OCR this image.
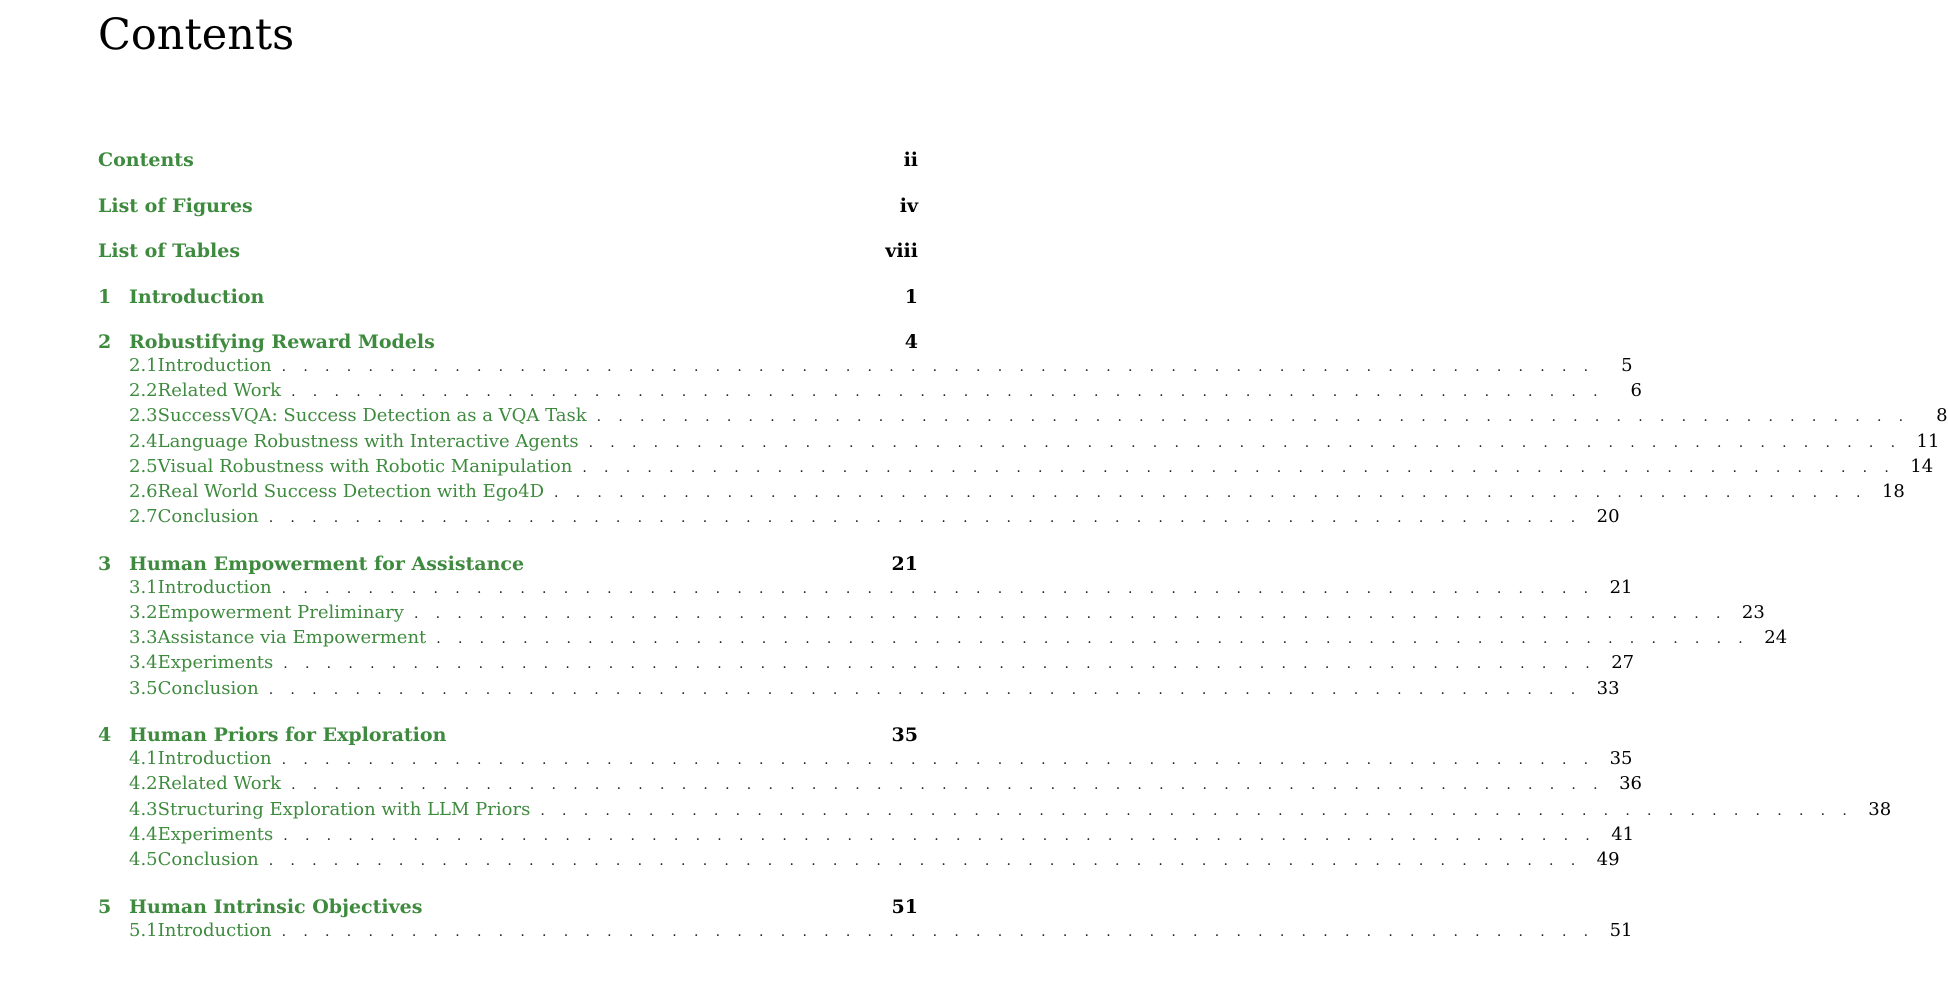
Contents
Contents	ii
List of Figures	iv
List of Tables	viii
1 Introduction	1
2 Robustifying Reward Models	4
2.1 Introduction . . . . . . . . . . . . . . . . . . . . . . . . . . . . . . . . . . . . . . . . . . . . . . . . . . . . . . . . . . . . .	5
2.2 Related Work . . . . . . . . . . . . . . . . . . . . . . . . . . . . . . . . . . . . . . . . . . . . . . . . . . . . . . . . . . . . .	6
2.3 SuccessVQA: Success Detection as a VQA Task . . . . . . . . . . . . . . . . . . . . . . . . . . . . . . . . . . . . . . . . . . . . . . . . . . . . . . . . . . . . .	8
2.4 Language Robustness with Interactive Agents . . . . . . . . . . . . . . . . . . . . . . . . . . . . . . . . . . . . . . . . . . . . . . . . . . . . . . . . . . . . . 11
2.5 Visual Robustness with Robotic Manipulation . . . . . . . . . . . . . . . . . . . . . . . . . . . . . . . . . . . . . . . . . . . . . . . . . . . . . . . . . . . . . 14
2.6 Real World Success Detection with Ego4D . . . . . . . . . . . . . . . . . . . . . . . . . . . . . . . . . . . . . . . . . . . . . . . . . . . . . . . . . . . . . 18
2.7 Conclusion . . . . . . . . . . . . . . . . . . . . . . . . . . . . . . . . . . . . . . . . . . . . . . . . . . . . . . . . . . . . . 20
3 Human Empowerment for Assistance	21
3.1 Introduction . . . . . . . . . . . . . . . . . . . . . . . . . . . . . . . . . . . . . . . . . . . . . . . . . . . . . . . . . . . . . 21
3.2 Empowerment Preliminary . . . . . . . . . . . . . . . . . . . . . . . . . . . . . . . . . . . . . . . . . . . . . . . . . . . . . . . . . . . . . 23
3.3 Assistance via Empowerment . . . . . . . . . . . . . . . . . . . . . . . . . . . . . . . . . . . . . . . . . . . . . . . . . . . . . . . . . . . . . 24
3.4 Experiments . . . . . . . . . . . . . . . . . . . . . . . . . . . . . . . . . . . . . . . . . . . . . . . . . . . . . . . . . . . . . 27
3.5 Conclusion . . . . . . . . . . . . . . . . . . . . . . . . . . . . . . . . . . . . . . . . . . . . . . . . . . . . . . . . . . . . . 33
4 Human Priors for Exploration	35
4.1 Introduction . . . . . . . . . . . . . . . . . . . . . . . . . . . . . . . . . . . . . . . . . . . . . . . . . . . . . . . . . . . . . 35
4.2 Related Work . . . . . . . . . . . . . . . . . . . . . . . . . . . . . . . . . . . . . . . . . . . . . . . . . . . . . . . . . . . . . 36
4.3 Structuring Exploration with LLM Priors . . . . . . . . . . . . . . . . . . . . . . . . . . . . . . . . . . . . . . . . . . . . . . . . . . . . . . . . . . . . . 38
4.4 Experiments . . . . . . . . . . . . . . . . . . . . . . . . . . . . . . . . . . . . . . . . . . . . . . . . . . . . . . . . . . . . . 41
4.5 Conclusion . . . . . . . . . . . . . . . . . . . . . . . . . . . . . . . . . . . . . . . . . . . . . . . . . . . . . . . . . . . . . 49
5 Human Intrinsic Objectives	51
5.1 Introduction . . . . . . . . . . . . . . . . . . . . . . . . . . . . . . . . . . . . . . . . . . . . . . . . . . . . . . . . . . . . . 51
